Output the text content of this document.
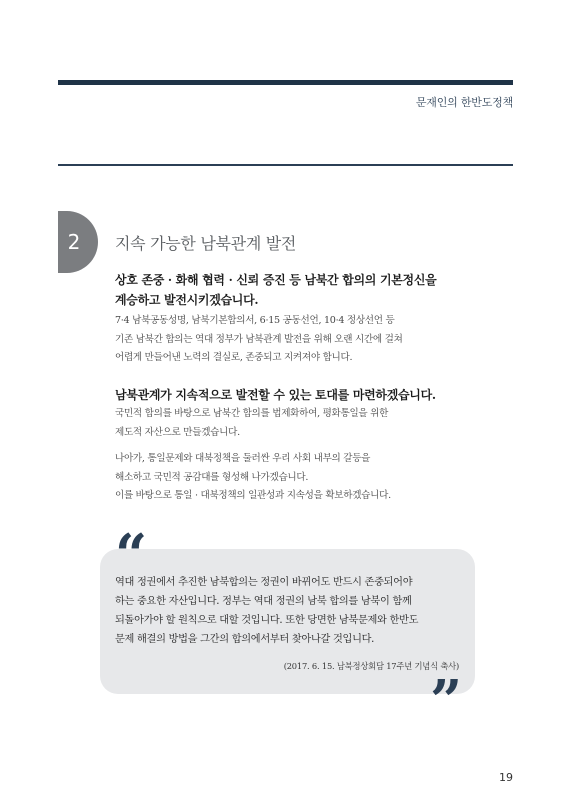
문재인의 한반도정책
2 지속 가능한 남북관계 발전
상호 존중 · 화해 협력 · 신뢰 증진 등 남북간 합의의 기본정신을
계승하고 발전시키겠습니다.
7·4 남북공동성명, 남북기본합의서, 6·15 공동선언, 10·4 정상선언 등
기존 남북간 합의는 역대 정부가 남북관계 발전을 위해 오랜 시간에 걸쳐
어렵게 만들어낸 노력의 결실로, 존중되고 지켜져야 합니다.
남북관계가 지속적으로 발전할 수 있는 토대를 마련하겠습니다.
국민적 합의를 바탕으로 남북간 합의를 법제화하여, 평화통일을 위한
제도적 자산으로 만들겠습니다.
나아가, 통일문제와 대북정책을 둘러싼 우리 사회 내부의 갈등을
해소하고 국민적 공감대를 형성해 나가겠습니다.
이를 바탕으로 통일 · 대북정책의 일관성과 지속성을 확보하겠습니다.
“
역대 정권에서 추진한 남북합의는 정권이 바뀌어도 반드시 존중되어야
하는 중요한 자산입니다. 정부는 역대 정권의 남북 합의를 남북이 함께
되돌아가야 할 원칙으로 대할 것입니다. 또한 당면한 남북문제와 한반도
문제 해결의 방법을 그간의 합의에서부터 찾아나갈 것입니다.
(2017. 6. 15. 남북정상회담 17주년 기념식 축사)
”
19
